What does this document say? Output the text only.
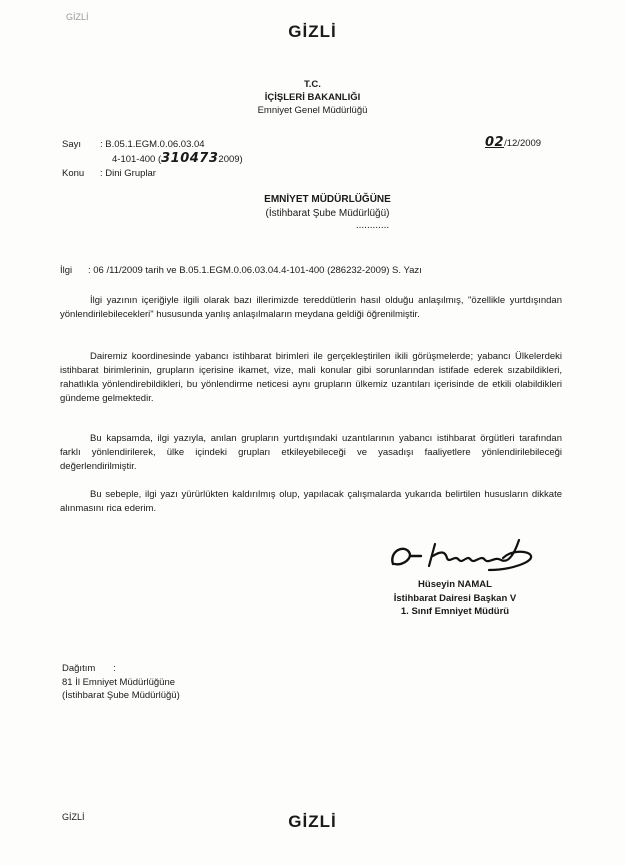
GİZLİ
GİZLİ
T.C.
İÇİŞLERİ BAKANLIĞI
Emniyet Genel Müdürlüğü
Sayı : B.05.1.EGM.0.06.03.04
4-101-400 (3104732009)
02/12/2009
Konu : Dini Gruplar
EMNİYET MÜDÜRLÜĞÜNE
(İstihbarat Şube Müdürlüğü)
............
İlgi : 06 /11/2009 tarih ve B.05.1.EGM.0.06.03.04.4-101-400 (286232-2009) S. Yazı

İlgi yazının içeriğiyle ilgili olarak bazı illerimizde tereddütlerin hasıl olduğu anlaşılmış, "özellikle yurtdışından yönlendirilebilecekleri" hususunda yanlış anlaşılmaların meydana geldiği öğrenilmiştir.

Dairemiz koordinesinde yabancı istihbarat birimleri ile gerçekleştirilen ikili görüşmelerde; yabancı Ülkelerdeki istihbarat birimlerinin, grupların içerisine ikamet, vize, mali konular gibi sorunlarından istifade ederek sızabildikleri, rahatlıkla yönlendirebildikleri, bu yönlendirme neticesi aynı grupların ülkemiz uzantıları içerisinde de etkili olabildikleri gündeme gelmektedir.

Bu kapsamda, ilgi yazıyla, anılan grupların yurtdışındaki uzantılarının yabancı istihbarat örgütleri tarafından farklı yönlendirilerek, ülke içindeki grupları etkileyebileceği ve yasadışı faaliyetlere yönlendirilebileceği değerlendirilmiştir.

Bu sebeple, ilgi yazı yürürlükten kaldırılmış olup, yapılacak çalışmalarda yukarıda belirtilen hususların dikkate alınmasını rica ederim.

Hüseyin NAMAL
İstihbarat Dairesi Başkan V
1. Sınıf Emniyet Müdürü
Dağıtım :
81 İl Emniyet Müdürlüğüne
(İstihbarat Şube Müdürlüğü)
GİZLİ	GİZLİ
